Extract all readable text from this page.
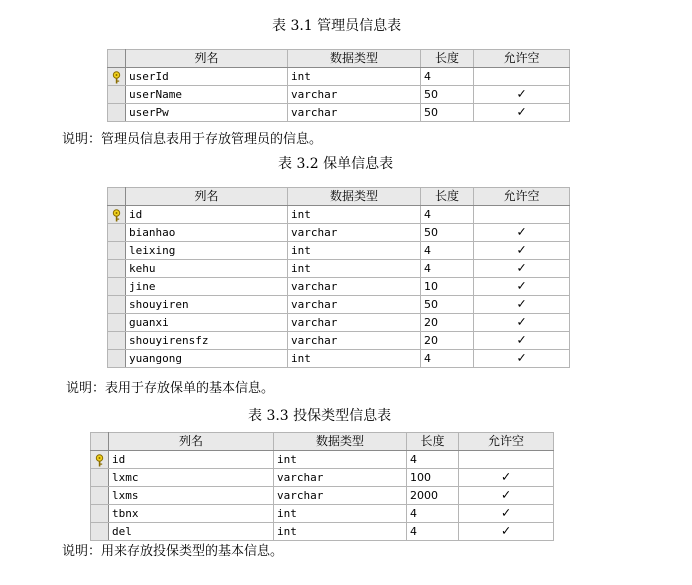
表 3.1 管理员信息表
	列名	数据类型	长度	允许空
	userId	int	4	
	userName	varchar	50	✓
	userPw	varchar	50	✓
说明：管理员信息表用于存放管理员的信息。
表 3.2 保单信息表
	列名	数据类型	长度	允许空
	id	int	4	
	bianhao	varchar	50	✓
	leixing	int	4	✓
	kehu	int	4	✓
	jine	varchar	10	✓
	shouyiren	varchar	50	✓
	guanxi	varchar	20	✓
	shouyirensfz	varchar	20	✓
	yuangong	int	4	✓
说明：表用于存放保单的基本信息。
表 3.3 投保类型信息表
	列名	数据类型	长度	允许空
	id	int	4	
	lxmc	varchar	100	✓
	lxms	varchar	2000	✓
	tbnx	int	4	✓
	del	int	4	✓
说明：用来存放投保类型的基本信息。
